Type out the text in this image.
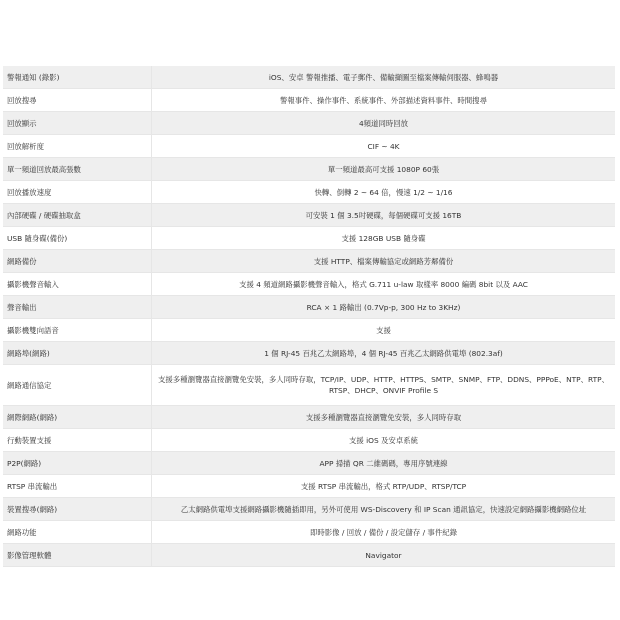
警報通知 (錄影)	iOS、安卓 警報推播、電子郵件、備輸擷圖至檔案傳輸伺服器、蜂鳴器
回放搜尋	警報事件、操作事件、系統事件、外部描述資料事件、時間搜尋
回放顯示	4頻道同時回放
回放解析度	CIF ~ 4K
單一頻道回放最高張數	單一頻道最高可支援 1080P 60張
回放播放速度	快轉、倒轉 2 ~ 64 倍，慢速 1/2 ~ 1/16
內部硬碟 / 硬碟抽取盒	可安裝 1 個 3.5吋硬碟，每個硬碟可支援 16TB
USB 隨身碟(備份)	支援 128GB USB 隨身碟
網路備份	支援 HTTP、檔案傳輸協定或網路芳鄰備份
攝影機聲音輸入	支援 4 頻道網路攝影機聲音輸入，格式 G.711 u-law 取樣率 8000 編碼 8bit 以及 AAC
聲音輸出	RCA × 1 路輸出 (0.7Vp-p, 300 Hz to 3KHz)
攝影機雙向語音	支援
網路埠(網路)	1 個 RJ-45 百兆乙太網路埠，4 個 RJ-45 百兆乙太網路供電埠 (802.3af)
網路通信協定	支援多種瀏覽器直接瀏覽免安裝，多人同時存取，TCP/IP、UDP、HTTP、HTTPS、SMTP、SNMP、FTP、DDNS、PPPoE、NTP、RTP、 RTSP、DHCP、ONVIF Profile S
網際網路(網路)	支援多種瀏覽器直接瀏覽免安裝，多人同時存取
行動裝置支援	支援 iOS 及安卓系統
P2P(網路)	APP 掃描 QR 二維碼碼，專用序號連線
RTSP 串流輸出	支援 RTSP 串流輸出，格式 RTP/UDP、RTSP/TCP
裝置搜尋(網路)	乙太網路供電埠支援網路攝影機隨插即用，另外可使用 WS-Discovery 和 IP Scan 通訊協定，快速設定網路攝影機網路位址
網路功能	即時影像 / 回放 / 備份 / 設定儲存 / 事件紀錄
影像管理軟體	Navigator
